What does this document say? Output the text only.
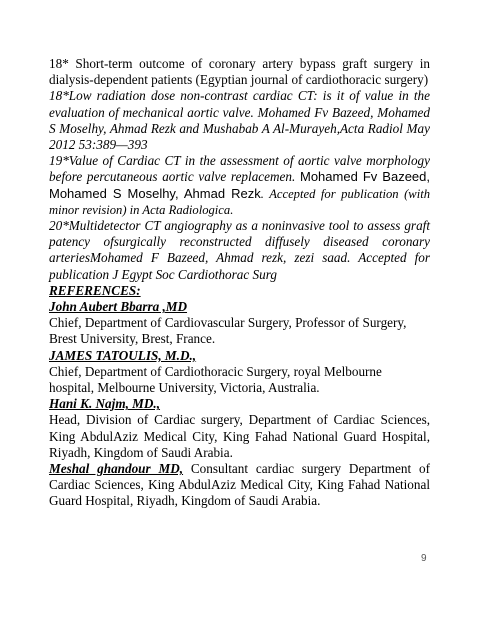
18* Short-term outcome of coronary artery bypass graft surgery in dialysis-dependent patients (Egyptian journal of cardiothoracic surgery)

18*Low radiation dose non-contrast cardiac CT: is it of value in the evaluation of mechanical aortic valve. Mohamed Fv Bazeed, Mohamed S Moselhy, Ahmad Rezk and Mushabab A Al-Murayeh,Acta Radiol May 2012 53:389—393

19*Value of Cardiac CT in the assessment of aortic valve morphology before percutaneous aortic valve replacemen. Mohamed Fv Bazeed, Mohamed S Moselhy, Ahmad Rezk. Accepted for publication (with minor revision) in Acta Radiologica.

20*Multidetector CT angiography as a noninvasive tool to assess graft patency ofsurgically reconstructed diffusely diseased coronary arteriesMohamed F Bazeed, Ahmad rezk, zezi saad. Accepted for publication J Egypt Soc Cardiothorac Surg

REFERENCES:

John Aubert Bbarra ,MD

Chief, Department of Cardiovascular Surgery, Professor of Surgery, Brest University, Brest, France.

JAMES TATOULIS, M.D.,

Chief, Department of Cardiothoracic Surgery, royal Melbourne hospital, Melbourne University, Victoria, Australia.

Hani K. Najm, MD.,

Head, Division of Cardiac surgery, Department of Cardiac Sciences, King AbdulAziz Medical City, King Fahad National Guard Hospital, Riyadh, Kingdom of Saudi Arabia.

Meshal ghandour MD, Consultant cardiac surgery Department of Cardiac Sciences, King AbdulAziz Medical City, King Fahad National Guard Hospital, Riyadh, Kingdom of Saudi Arabia.

9
